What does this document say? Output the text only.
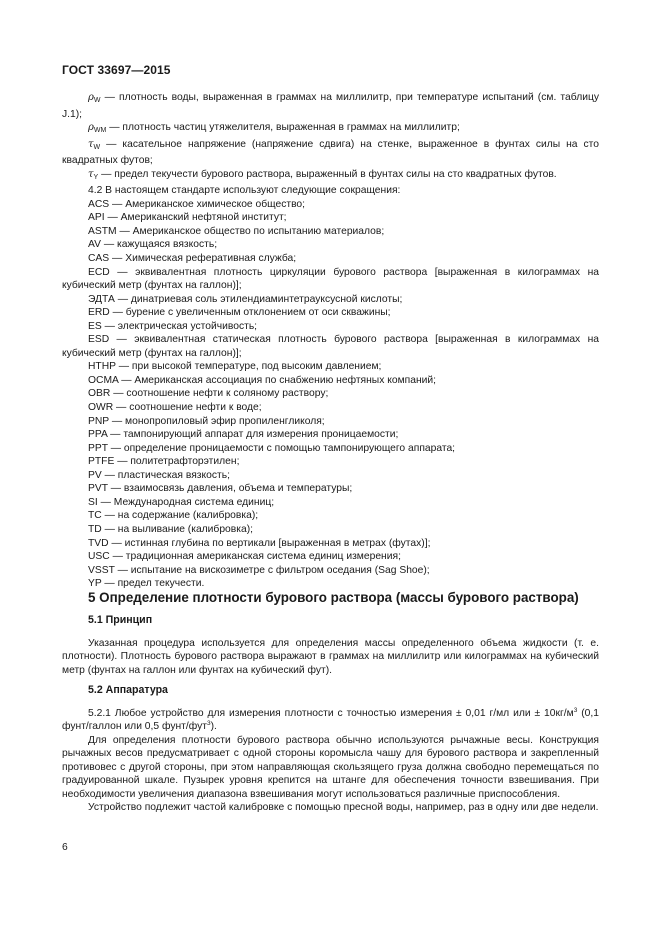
ГОСТ 33697—2015

$\rho_W$ — плотность воды, выраженная в граммах на миллилитр, при температуре испытаний (см. таблицу J.1);

$\rho_{WM}$ — плотность частиц утяжелителя, выраженная в граммах на миллилитр;

$\tau_W$ — касательное напряжение (напряжение сдвига) на стенке, выраженное в фунтах силы на сто квадратных футов;

$\tau_Y$ — предел текучести бурового раствора, выраженный в фунтах силы на сто квадратных футов.

4.2 В настоящем стандарте используют следующие сокращения:

ACS — Американское химическое общество;

API — Американский нефтяной институт;

ASTM — Американское общество по испытанию материалов;

AV — кажущаяся вязкость;

CAS — Химическая реферативная служба;

ECD — эквивалентная плотность циркуляции бурового раствора [выраженная в килограммах на кубический метр (фунтах на галлон)];

ЭДТА — динатриевая соль этилендиаминтетрауксусной кислоты;

ERD — бурение с увеличенным отклонением от оси скважины;

ES — электрическая устойчивость;

ESD — эквивалентная статическая плотность бурового раствора [выраженная в килограммах на кубический метр (фунтах на галлон)];

HTHP — при высокой температуре, под высоким давлением;

OCMA — Американская ассоциация по снабжению нефтяных компаний;

OBR — соотношение нефти к соляному раствору;

OWR — соотношение нефти к воде;

PNP — монопропиловый эфир пропиленгликоля;

PPA — тампонирующий аппарат для измерения проницаемости;

PPT — определение проницаемости с помощью тампонирующего аппарата;

PTFE — политетрафторэтилен;

PV — пластическая вязкость;

PVT — взаимосвязь давления, объема и температуры;

SI — Международная система единиц;

TC — на содержание (калибровка);

TD — на выливание (калибровка);

TVD — истинная глубина по вертикали [выраженная в метрах (футах)];

USC — традиционная американская система единиц измерения;

VSST — испытание на вискозиметре с фильтром оседания (Sag Shoe);

YP — предел текучести.

5 Определение плотности бурового раствора (массы бурового раствора)

5.1 Принцип

Указанная процедура используется для определения массы определенного объема жидкости (т. е. плотности). Плотность бурового раствора выражают в граммах на миллилитр или килограммах на кубический метр (фунтах на галлон или фунтах на кубический фут).

5.2 Аппаратура

5.2.1 Любое устройство для измерения плотности с точностью измерения ± 0,01 г/мл или ± $10кг/м^3$ (0,1 фунт/галлон или 0,5 фунт/фут$^3$).

Для определения плотности бурового раствора обычно используются рычажные весы. Конструкция рычажных весов предусматривает с одной стороны коромысла чашу для бурового раствора и закрепленный противовес с другой стороны, при этом направляющая скользящего груза должна свободно перемещаться по градуированной шкале. Пузырек уровня крепится на штанге для обеспечения точности взвешивания. При необходимости увеличения диапазона взвешивания могут использоваться различные приспособления.

Устройство подлежит частой калибровке с помощью пресной воды, например, раз в одну или две недели.

6
